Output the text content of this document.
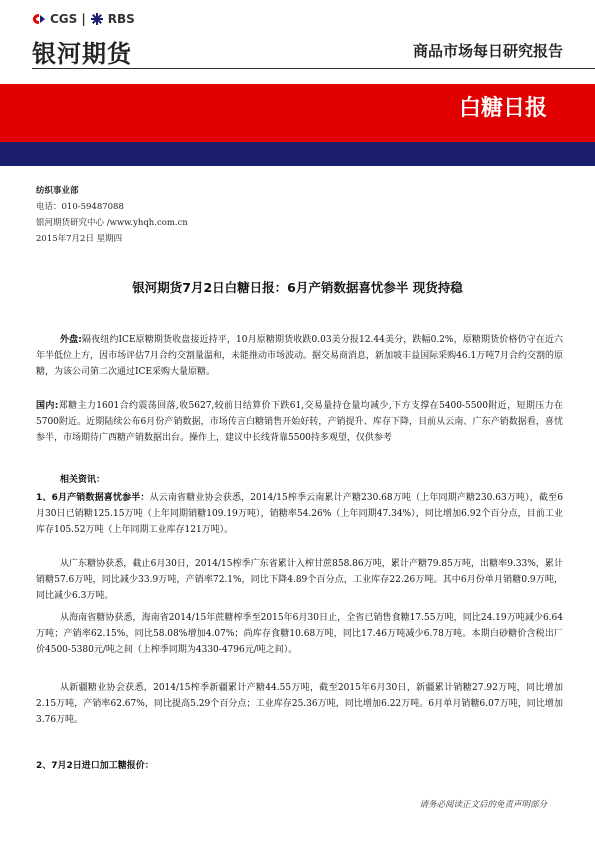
CGS | RBS
银河期货	商品市场每日研究报告
白糖日报
纺织事业部
电话：010-59487088
银河期货研究中心 /www.yhqh.com.cn
2015年7月2日 星期四
银河期货7月2日白糖日报：6月产销数据喜忧参半 现货持稳
外盘:隔夜纽约ICE原糖期货收盘接近持平，10月原糖期货收跌0.03美分报12.44美分，跌幅0.2%，原糖期货价格仍守在近六年半低位上方，因市场评估7月合约交割量温和，未能推动市场波动。据交易商消息，新加坡丰益国际采购46.1万吨7月合约交割的原糖，为该公司第二次通过ICE采购大量原糖。
国内:郑糖主力1601合约震荡回落,收5627,较前日结算价下跌61,交易量持仓量均减少,下方支撑在5400-5500附近，短期压力在5700附近。近期陆续公布6月份产销数据，市场传言白糖销售开始好转，产销提升、库存下降，目前从云南、广东产销数据看，喜忧参半，市场期待广西糖产销数据出台。操作上，建议中长线背靠5500持多观望，仅供参考
相关资讯：
1、6月产销数据喜忧参半：从云南省糖业协会获悉，2014/15榨季云南累计产糖230.68万吨（上年同期产糖230.63万吨），截至6月30日已销糖125.15万吨（上年同期销糖109.19万吨），销糖率54.26%（上年同期47.34%），同比增加6.92个百分点，目前工业库存105.52万吨（上年同期工业库存121万吨）。
从广东糖协获悉，截止6月30日，2014/15榨季广东省累计入榨甘蔗858.86万吨，累计产糖79.85万吨，出糖率9.33%，累计销糖57.6万吨，同比减少33.9万吨，产销率72.1%，同比下降4.89个百分点，工业库存22.26万吨。其中6月份单月销糖0.9万吨，同比减少6.3万吨。
从海南省糖协获悉，海南省2014/15年蔗糖榨季至2015年6月30日止，全省已销售食糖17.55万吨，同比24.19万吨减少6.64万吨；产销率62.15%，同比58.08%增加4.07%；尚库存食糖10.68万吨，同比17.46万吨减少6.78万吨。本期白砂糖价含税出厂价4500-5380元/吨之间（上榨季同期为4330-4796元/吨之间）。
从新疆糖业协会获悉，2014/15榨季新疆累计产糖44.55万吨，截至2015年6月30日，新疆累计销糖27.92万吨，同比增加2.15万吨，产销率62.67%，同比提高5.29个百分点；工业库存25.36万吨，同比增加6.22万吨。6月单月销糖6.07万吨，同比增加3.76万吨。
2、7月2日进口加工糖报价：
请务必阅读正文后的免责声明部分
